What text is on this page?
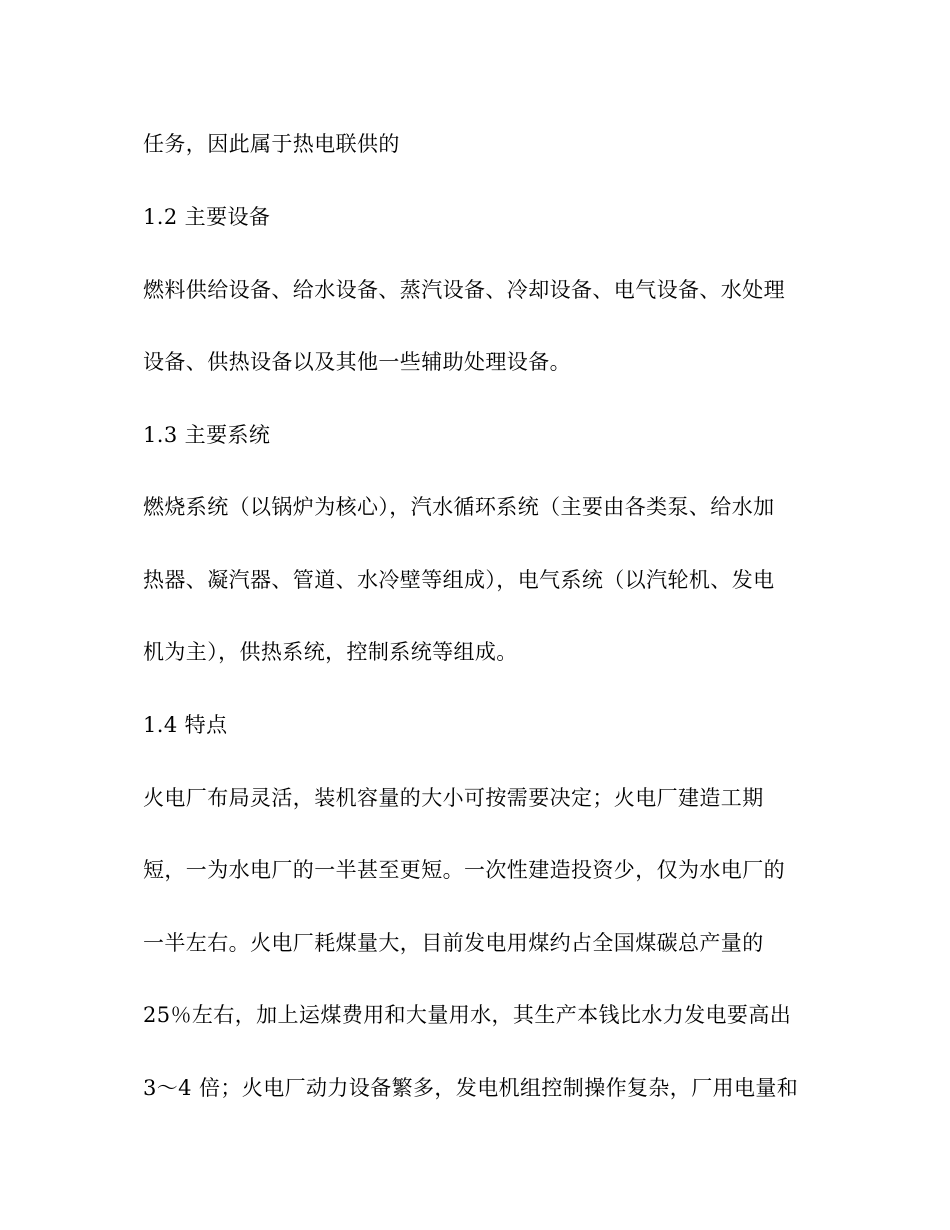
任务，因此属于热电联供的
1.2 主要设备
燃料供给设备、给水设备、蒸汽设备、冷却设备、电气设备、水处理
设备、供热设备以及其他一些辅助处理设备。
1.3 主要系统
燃烧系统（以锅炉为核心），汽水循环系统（主要由各类泵、给水加
热器、凝汽器、管道、水冷壁等组成），电气系统（以汽轮机、发电
机为主），供热系统，控制系统等组成。
1.4 特点
火电厂布局灵活，装机容量的大小可按需要决定；火电厂建造工期
短，一为水电厂的一半甚至更短。一次性建造投资少，仅为水电厂的
一半左右。火电厂耗煤量大，目前发电用煤约占全国煤碳总产量的
25％左右，加上运煤费用和大量用水，其生产本钱比水力发电要高出
3～4 倍；火电厂动力设备繁多，发电机组控制操作复杂，厂用电量和
